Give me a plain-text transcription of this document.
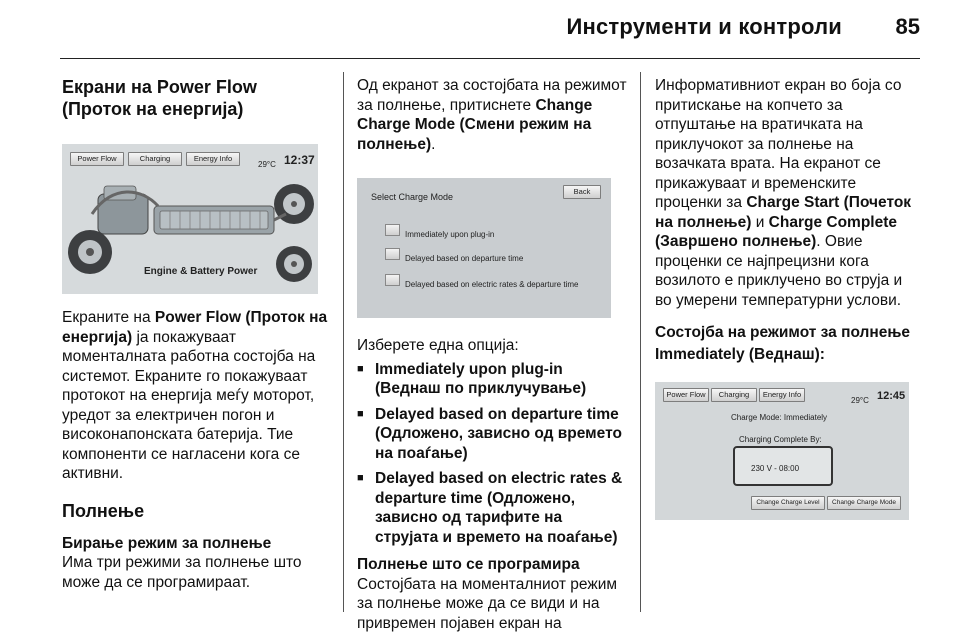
Инструменти и контроли 85
Екрани на Power Flow (Проток на енергија)
Power Flow	Charging	Energy Info
29°C 12:37
Engine & Battery Power

Екраните на Power Flow (Проток на енергија) ја покажуваат моменталната работна состојба на системот. Екраните го покажуваат протокот на енергија меѓу моторот, уредот за електричен погон и високонапонската батерија. Тие компоненти се нагласени кога се активни.

Полнење
Бирање режим за полнење

Има три режими за полнење што може да се програмираат.

Од екранот за состојбата на режимот за полнење, притиснете Change Charge Mode (Смени режим на полнење).

Select Charge Mode
Back
Immediately upon plug-in
Delayed based on departure time
Delayed based on electric rates & departure time

Изберете една опција:

■ Immediately upon plug-in (Веднаш по приклучувањe)
■ Delayed based on departure time (Одложено, зависно од времето на поаѓање)
■ Delayed based on electric rates & departure time (Одложено, зависно од тарифите на струјата и времето на поаѓање)
Полнење што се програмира

Состојбата на моменталниот режим за полнење може да се види и на привремен појавен екран на

Информативниот екран во боја со притискање на копчето за отпуштање на вратичката на приклучокот за полнење на возачката врата. На екранот се прикажуваат и временските проценки за Charge Start (Почеток на полнење) и Charge Complete (Завршено полнење). Овие проценки се најпрецизни кога возилото е приклучено во струја и во умерени температурни услови.

Состојба на режимот за полнење Immediately (Веднаш):
Power Flow	Charging	Energy Info
29°C 12:45
Charge Mode: Immediately
Charging Complete By:
230 V - 08:00
Change Charge Level	Change Charge Mode
